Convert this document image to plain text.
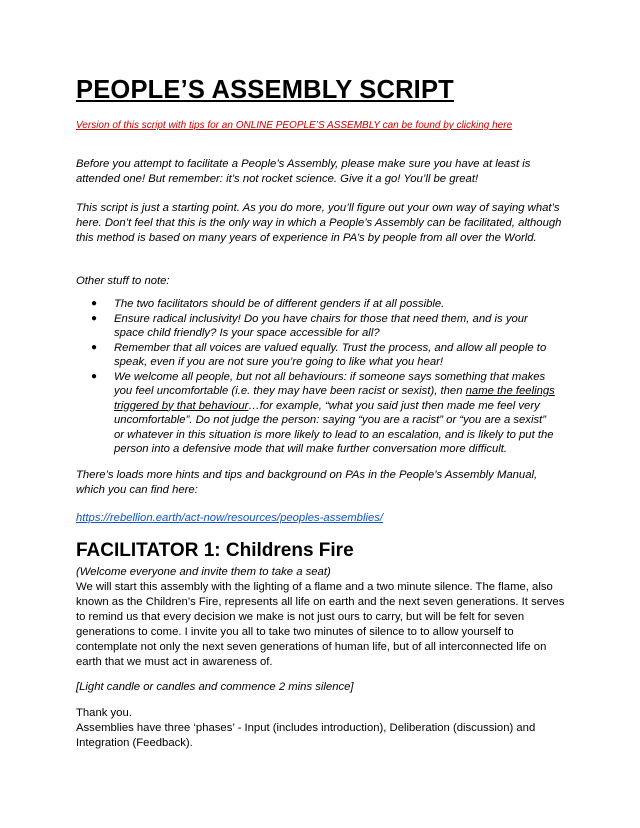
PEOPLE’S ASSEMBLY SCRIPT

Version of this script with tips for an ONLINE PEOPLE’S ASSEMBLY can be found by clicking here

Before you attempt to facilitate a People’s Assembly, please make sure you have at least is attended one! But remember: it’s not rocket science. Give it a go! You’ll be great!

This script is just a starting point. As you do more, you’ll figure out your own way of saying what’s here. Don’t feel that this is the only way in which a People’s Assembly can be facilitated, although this method is based on many years of experience in PA’s by people from all over the World.

Other stuff to note:

● The two facilitators should be of different genders if at all possible.
● Ensure radical inclusivity! Do you have chairs for those that need them, and is your space child friendly? Is your space accessible for all?
● Remember that all voices are valued equally. Trust the process, and allow all people to speak, even if you are not sure you’re going to like what you hear!
● We welcome all people, but not all behaviours: if someone says something that makes you feel uncomfortable (i.e. they may have been racist or sexist), then name the feelings triggered by that behaviour…for example, “what you said just then made me feel very uncomfortable”. Do not judge the person: saying “you are a racist” or “you are a sexist” or whatever in this situation is more likely to lead to an escalation, and is likely to put the person into a defensive mode that will make further conversation more difficult.

There’s loads more hints and tips and background on PAs in the People’s Assembly Manual, which you can find here:

https://rebellion.earth/act-now/resources/peoples-assemblies/

FACILITATOR 1: Childrens Fire

(Welcome everyone and invite them to take a seat)

We will start this assembly with the lighting of a flame and a two minute silence. The flame, also known as the Children’s Fire, represents all life on earth and the next seven generations. It serves to remind us that every decision we make is not just ours to carry, but will be felt for seven generations to come. I invite you all to take two minutes of silence to to allow yourself to contemplate not only the next seven generations of human life, but of all interconnected life on earth that we must act in awareness of.

[Light candle or candles and commence 2 mins silence]

Thank you.
Assemblies have three ‘phases’ - Input (includes introduction), Deliberation (discussion) and Integration (Feedback).
